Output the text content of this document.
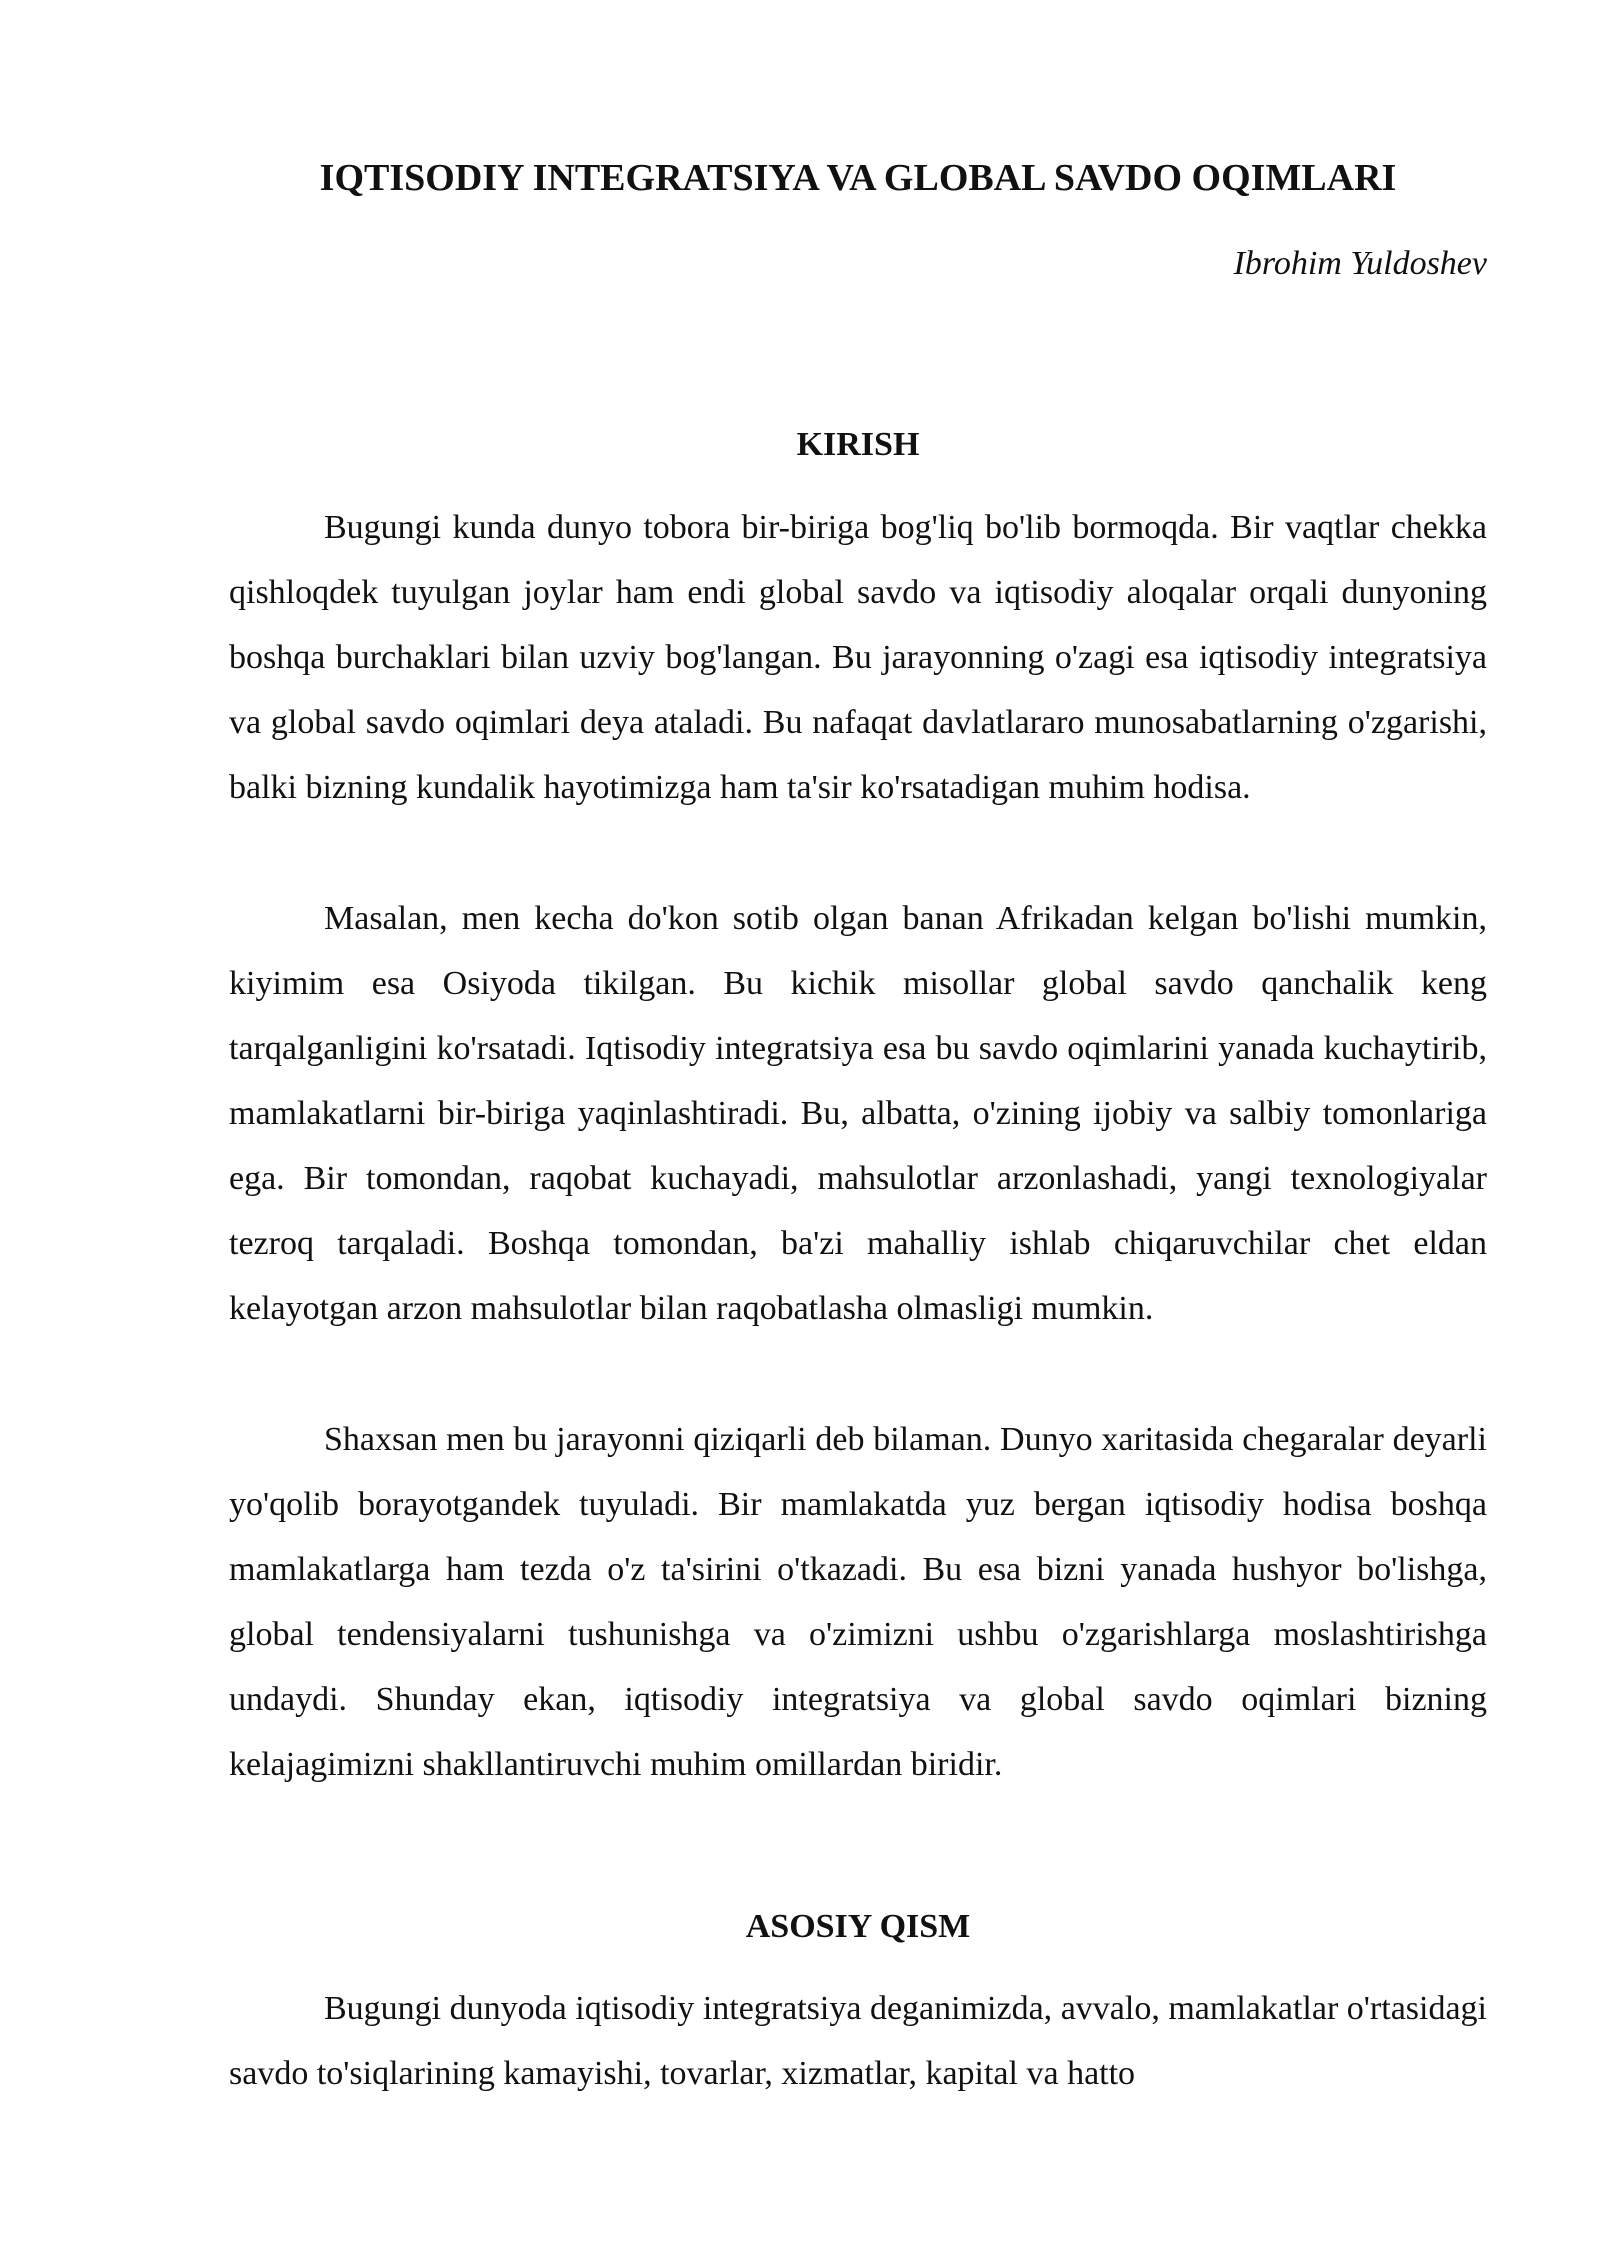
IQTISODIY INTEGRATSIYA VA GLOBAL SAVDO OQIMLARI

Ibrohim Yuldoshev

KIRISH

Bugungi kunda dunyo tobora bir-biriga bog'liq bo'lib bormoqda. Bir vaqtlar chekka qishloqdek tuyulgan joylar ham endi global savdo va iqtisodiy aloqalar orqali dunyoning boshqa burchaklari bilan uzviy bog'langan. Bu jarayonning o'zagi esa iqtisodiy integratsiya va global savdo oqimlari deya ataladi. Bu nafaqat davlatlararo munosabatlarning o'zgarishi, balki bizning kundalik hayotimizga ham ta'sir ko'rsatadigan muhim hodisa.

Masalan, men kecha do'kon sotib olgan banan Afrikadan kelgan bo'lishi mumkin, kiyimim esa Osiyoda tikilgan. Bu kichik misollar global savdo qanchalik keng tarqalganligini ko'rsatadi. Iqtisodiy integratsiya esa bu savdo oqimlarini yanada kuchaytirib, mamlakatlarni bir-biriga yaqinlashtiradi. Bu, albatta, o'zining ijobiy va salbiy tomonlariga ega. Bir tomondan, raqobat kuchayadi, mahsulotlar arzonlashadi, yangi texnologiyalar tezroq tarqaladi. Boshqa tomondan, ba'zi mahalliy ishlab chiqaruvchilar chet eldan kelayotgan arzon mahsulotlar bilan raqobatlasha olmasligi mumkin.

Shaxsan men bu jarayonni qiziqarli deb bilaman. Dunyo xaritasida chegaralar deyarli yo'qolib borayotgandek tuyuladi. Bir mamlakatda yuz bergan iqtisodiy hodisa boshqa mamlakatlarga ham tezda o'z ta'sirini o'tkazadi. Bu esa bizni yanada hushyor bo'lishga, global tendensiyalarni tushunishga va o'zimizni ushbu o'zgarishlarga moslashtirishga undaydi. Shunday ekan, iqtisodiy integratsiya va global savdo oqimlari bizning kelajagimizni shakllantiruvchi muhim omillardan biridir.

ASOSIY QISM

Bugungi dunyoda iqtisodiy integratsiya deganimizda, avvalo, mamlakatlar o'rtasidagi savdo to'siqlarining kamayishi, tovarlar, xizmatlar, kapital va hatto
